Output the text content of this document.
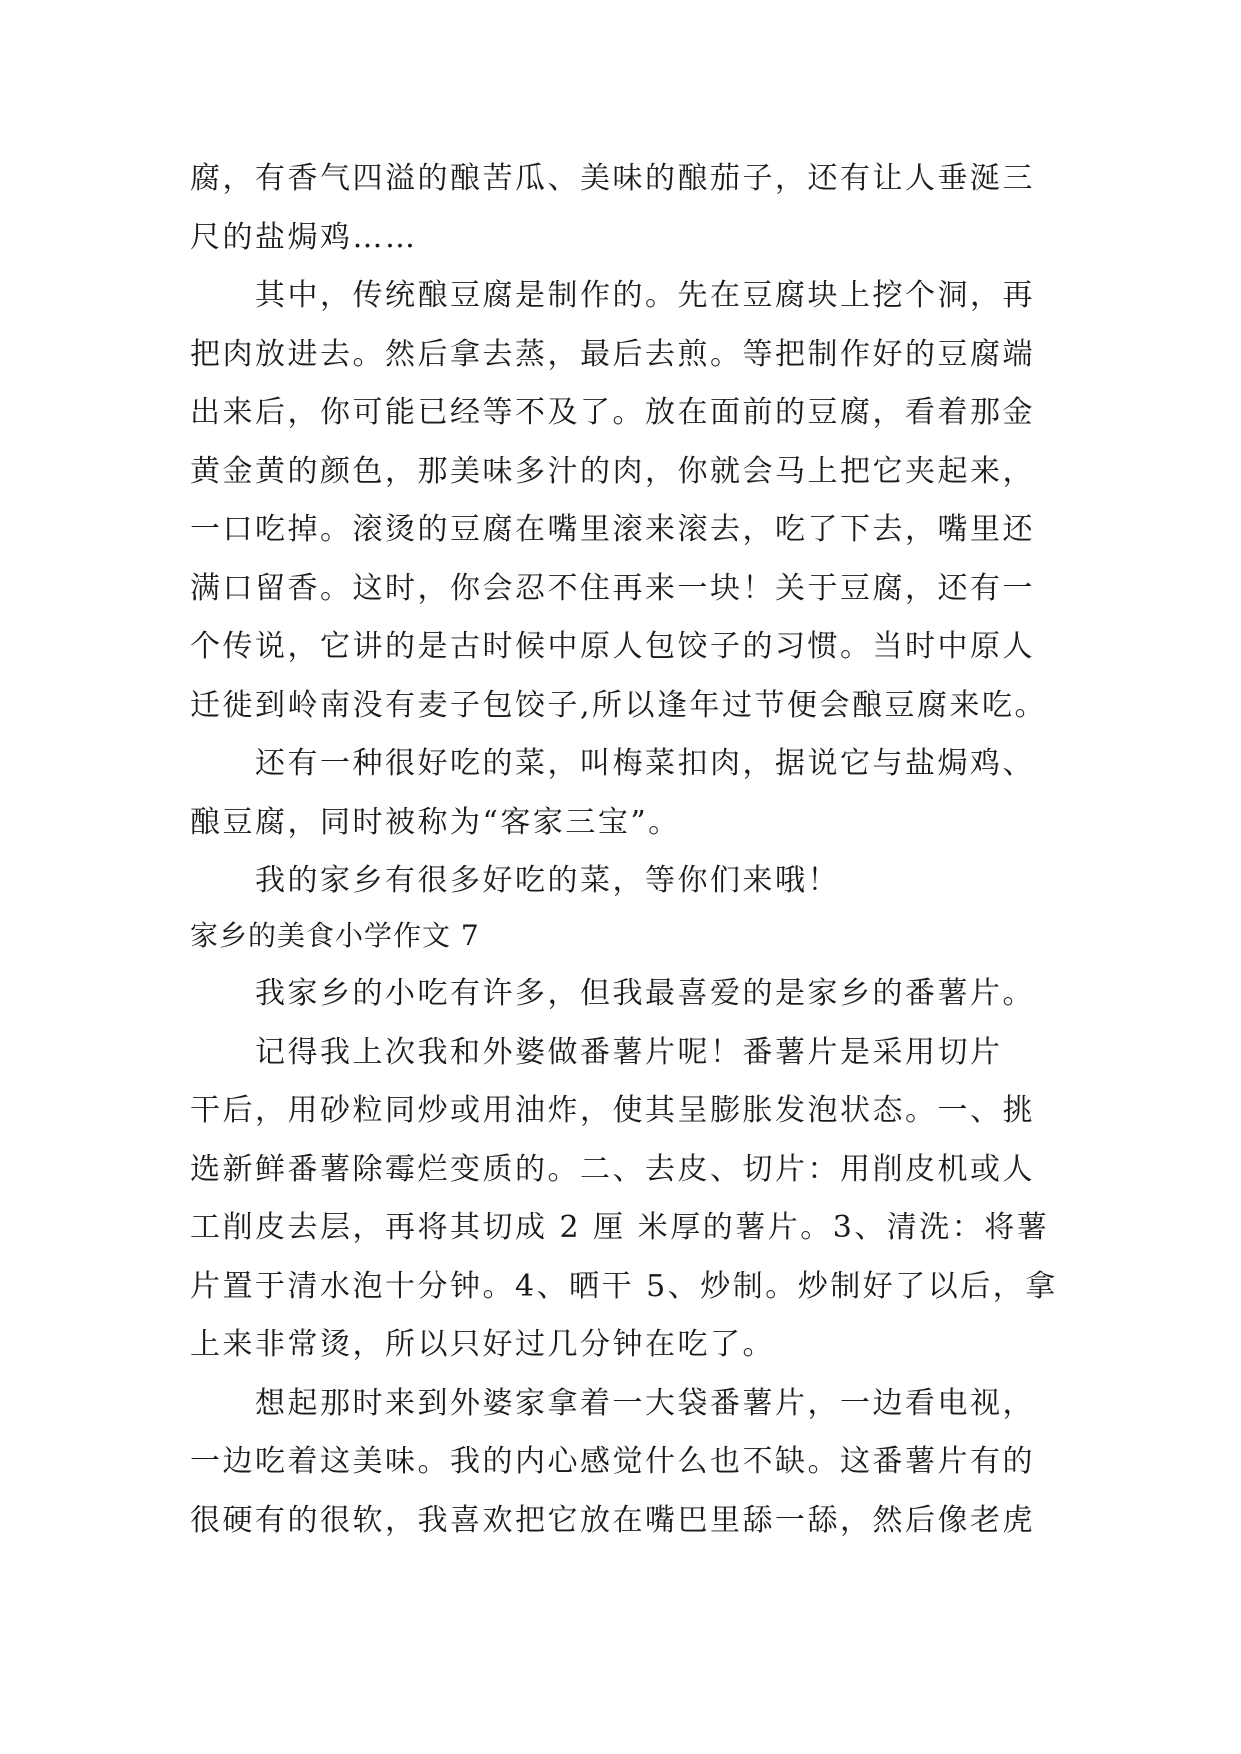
腐，有香气四溢的酿苦瓜、美味的酿茄子，还有让人垂涎三
尺的盐焗鸡……
其中，传统酿豆腐是制作的。先在豆腐块上挖个洞，再
把肉放进去。然后拿去蒸，最后去煎。等把制作好的豆腐端
出来后，你可能已经等不及了。放在面前的豆腐，看着那金
黄金黄的颜色，那美味多汁的肉，你就会马上把它夹起来，
一口吃掉。滚烫的豆腐在嘴里滚来滚去，吃了下去，嘴里还
满口留香。这时，你会忍不住再来一块！关于豆腐，还有一
个传说，它讲的是古时候中原人包饺子的习惯。当时中原人
迁徙到岭南没有麦子包饺子,所以逢年过节便会酿豆腐来吃。
还有一种很好吃的菜，叫梅菜扣肉，据说它与盐焗鸡、
酿豆腐，同时被称为“客家三宝”。
我的家乡有很多好吃的菜，等你们来哦！
家乡的美食小学作文 7
我家乡的小吃有许多，但我最喜爱的是家乡的番薯片。
记得我上次我和外婆做番薯片呢！番薯片是采用切片
干后，用砂粒同炒或用油炸，使其呈膨胀发泡状态。一、挑
选新鲜番薯除霉烂变质的。二、去皮、切片：用削皮机或人
工削皮去层，再将其切成 2 厘 米厚的薯片。3、清洗：将薯
片置于清水泡十分钟。4、晒干 5、炒制。炒制好了以后，拿
上来非常烫，所以只好过几分钟在吃了。
想起那时来到外婆家拿着一大袋番薯片，一边看电视，
一边吃着这美味。我的内心感觉什么也不缺。这番薯片有的
很硬有的很软，我喜欢把它放在嘴巴里舔一舔，然后像老虎
